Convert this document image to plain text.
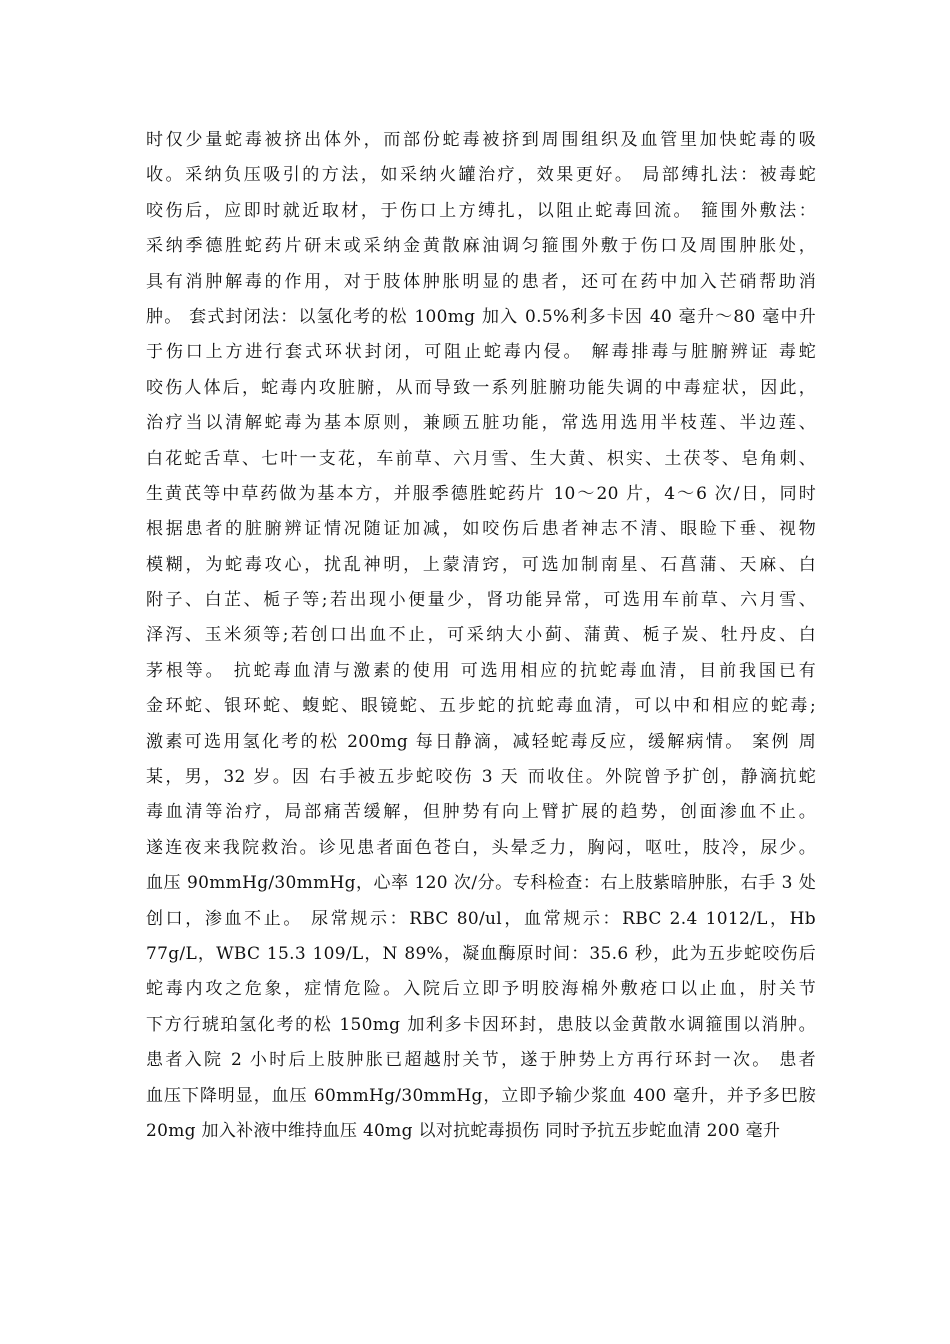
时仅少量蛇毒被挤出体外，而部份蛇毒被挤到周围组织及血管里加快蛇毒的吸
收。采纳负压吸引的方法，如采纳火罐治疗，效果更好。 局部缚扎法：被毒蛇
咬伤后，应即时就近取材，于伤口上方缚扎，以阻止蛇毒回流。 箍围外敷法：
采纳季德胜蛇药片研末或采纳金黄散麻油调匀箍围外敷于伤口及周围肿胀处，
具有消肿解毒的作用，对于肢体肿胀明显的患者，还可在药中加入芒硝帮助消
肿。 套式封闭法：以氢化考的松 100mg 加入 0.5%利多卡因 40 毫升～80 毫中升
于伤口上方进行套式环状封闭，可阻止蛇毒内侵。 解毒排毒与脏腑辨证 毒蛇
咬伤人体后，蛇毒内攻脏腑，从而导致一系列脏腑功能失调的中毒症状，因此，
治疗当以清解蛇毒为基本原则，兼顾五脏功能，常选用选用半枝莲、半边莲、
白花蛇舌草、七叶一支花，车前草、六月雪、生大黄、枳实、土茯苓、皂角刺、
生黄芪等中草药做为基本方，并服季德胜蛇药片 10～20 片，4～6 次/日，同时
根据患者的脏腑辨证情况随证加减，如咬伤后患者神志不清、眼睑下垂、视物
模糊，为蛇毒攻心，扰乱神明，上蒙清窍，可选加制南星、石菖蒲、天麻、白
附子、白芷、栀子等;若出现小便量少，肾功能异常，可选用车前草、六月雪、
泽泻、玉米须等;若创口出血不止，可采纳大小蓟、蒲黄、栀子炭、牡丹皮、白
茅根等。 抗蛇毒血清与激素的使用 可选用相应的抗蛇毒血清，目前我国已有
金环蛇、银环蛇、蝮蛇、眼镜蛇、五步蛇的抗蛇毒血清，可以中和相应的蛇毒;
激素可选用氢化考的松 200mg 每日静滴，减轻蛇毒反应，缓解病情。 案例 周
某，男，32 岁。因 右手被五步蛇咬伤 3 天 而收住。外院曾予扩创，静滴抗蛇
毒血清等治疗，局部痛苦缓解，但肿势有向上臂扩展的趋势，创面渗血不止。
遂连夜来我院救治。诊见患者面色苍白，头晕乏力，胸闷，呕吐，肢冷，尿少。
血压 90mmHg/30mmHg，心率 120 次/分。专科检查：右上肢紫暗肿胀，右手 3 处
创口，渗血不止。 尿常规示：RBC 80/ul，血常规示：RBC 2.4 1012/L，Hb
77g/L，WBC 15.3 109/L，N 89%，凝血酶原时间：35.6 秒，此为五步蛇咬伤后
蛇毒内攻之危象，症情危险。入院后立即予明胶海棉外敷疮口以止血，肘关节
下方行琥珀氢化考的松 150mg 加利多卡因环封，患肢以金黄散水调箍围以消肿。
患者入院 2 小时后上肢肿胀已超越肘关节，遂于肿势上方再行环封一次。 患者
血压下降明显，血压 60mmHg/30mmHg，立即予输少浆血 400 毫升，并予多巴胺
20mg 加入补液中维持血压 40mg 以对抗蛇毒损伤 同时予抗五步蛇血清 200 毫升
